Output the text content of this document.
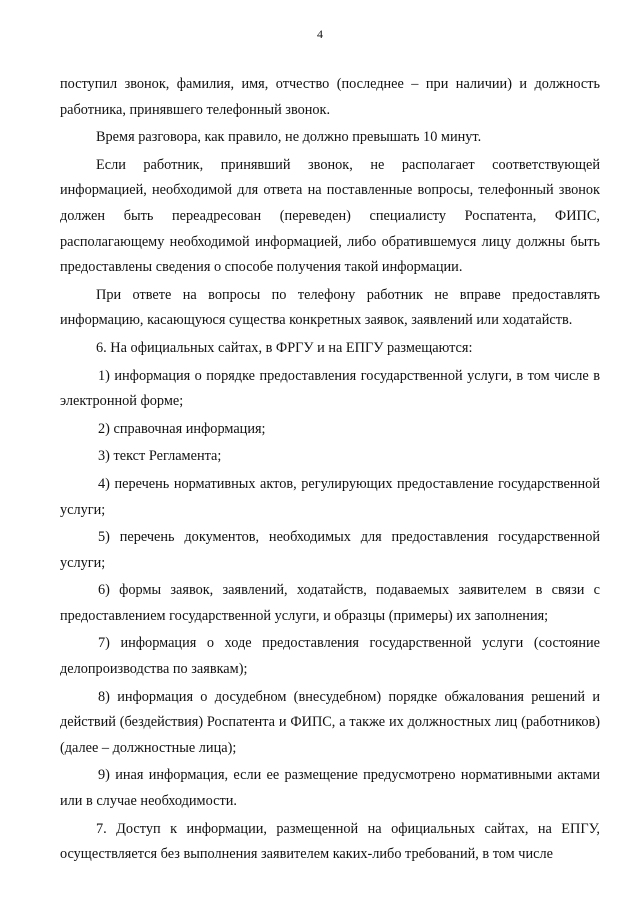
4

поступил звонок, фамилия, имя, отчество (последнее – при наличии) и должность работника, принявшего телефонный звонок.

Время разговора, как правило, не должно превышать 10 минут.

Если работник, принявший звонок, не располагает соответствующей информацией, необходимой для ответа на поставленные вопросы, телефонный звонок должен быть переадресован (переведен) специалисту Роспатента, ФИПС, располагающему необходимой информацией, либо обратившемуся лицу должны быть предоставлены сведения о способе получения такой информации.

При ответе на вопросы по телефону работник не вправе предоставлять информацию, касающуюся существа конкретных заявок, заявлений или ходатайств.

6. На официальных сайтах, в ФРГУ и на ЕПГУ размещаются:

1) информация о порядке предоставления государственной услуги, в том числе в электронной форме;

2) справочная информация;

3) текст Регламента;

4) перечень нормативных актов, регулирующих предоставление государственной услуги;

5) перечень документов, необходимых для предоставления государственной услуги;

6) формы заявок, заявлений, ходатайств, подаваемых заявителем в связи с предоставлением государственной услуги, и образцы (примеры) их заполнения;

7) информация о ходе предоставления государственной услуги (состояние делопроизводства по заявкам);

8) информация о досудебном (внесудебном) порядке обжалования решений и действий (бездействия) Роспатента и ФИПС, а также их должностных лиц (работников) (далее – должностные лица);

9) иная информация, если ее размещение предусмотрено нормативными актами или в случае необходимости.

7. Доступ к информации, размещенной на официальных сайтах, на ЕПГУ, осуществляется без выполнения заявителем каких-либо требований, в том числе
